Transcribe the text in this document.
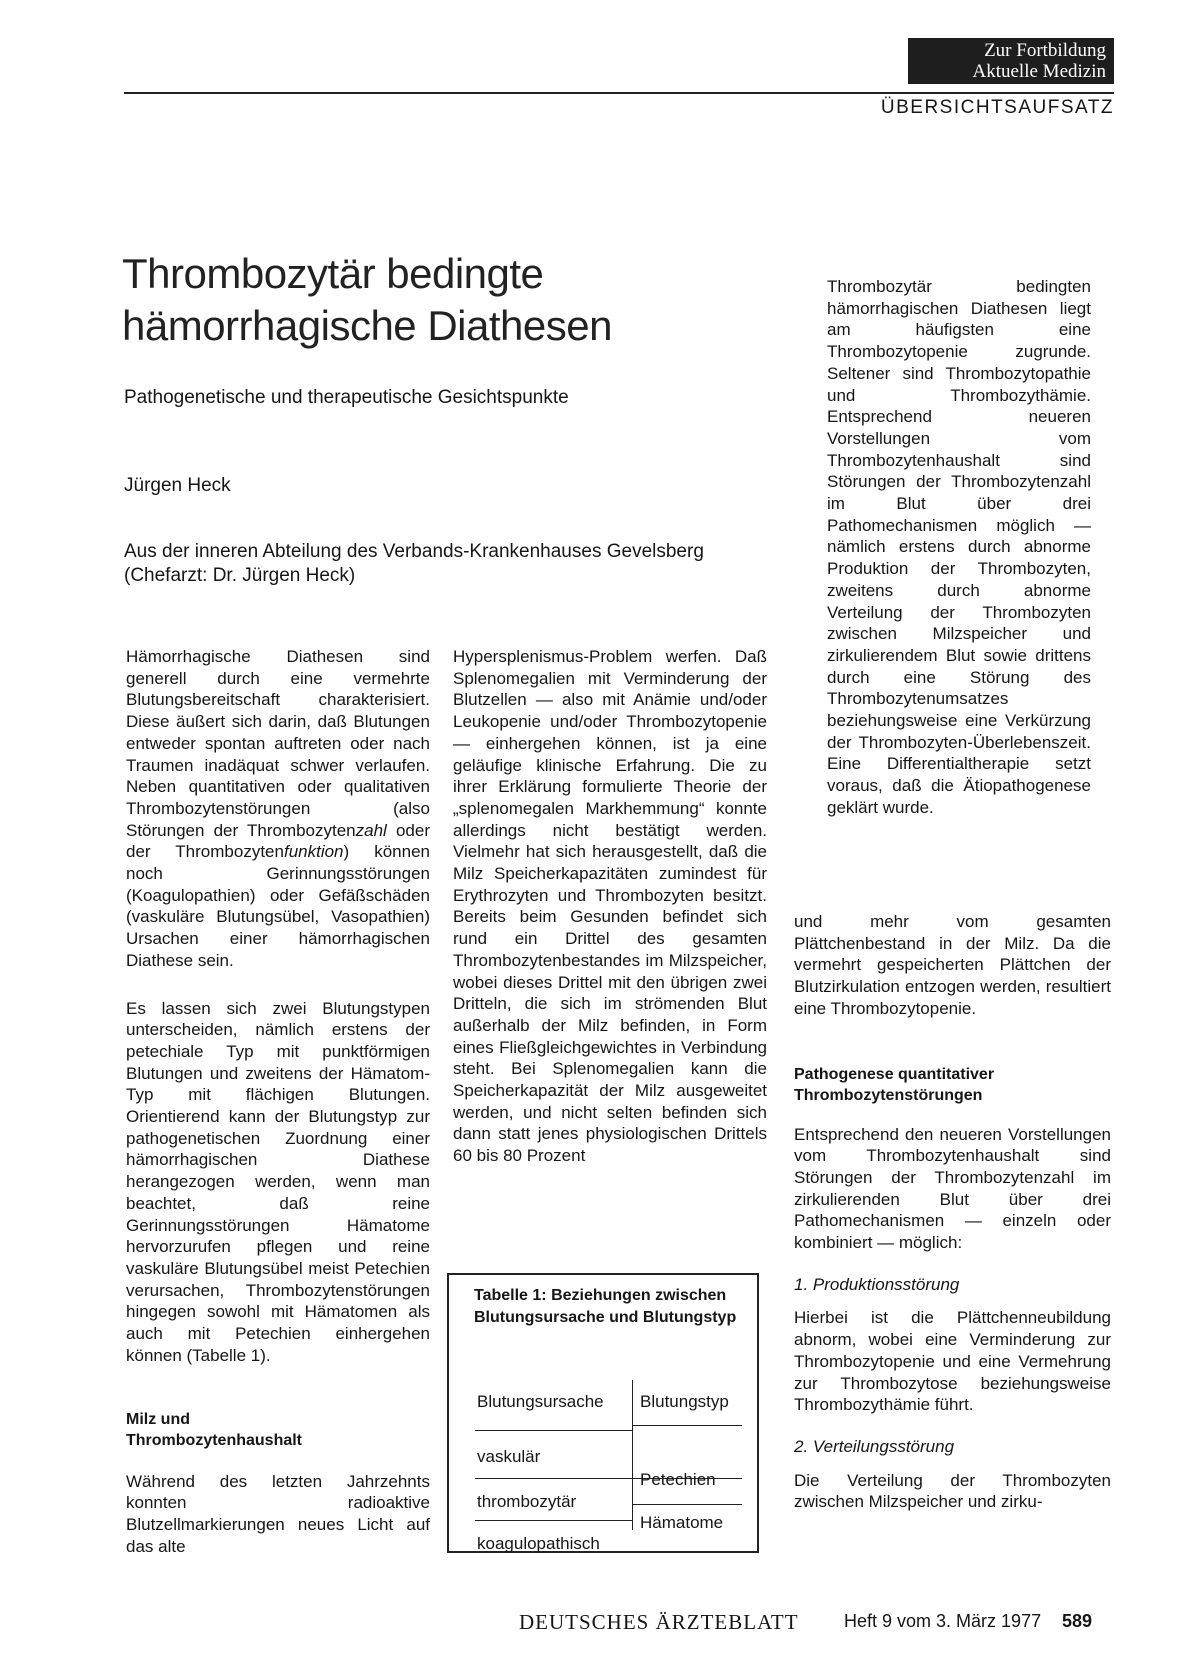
Zur Fortbildung
Aktuelle Medizin
ÜBERSICHTSAUFSATZ
Thrombozytär bedingte
hämorrhagische Diathesen
Pathogenetische und therapeutische Gesichtspunkte
Jürgen Heck
Aus der inneren Abteilung des Verbands-Krankenhauses Gevelsberg
(Chefarzt: Dr. Jürgen Heck)

Hämorrhagische Diathesen sind generell durch eine vermehrte Blutungsbereitschaft charakterisiert. Diese äußert sich darin, daß Blutungen entweder spontan auftreten oder nach Traumen inadäquat schwer verlaufen. Neben quantitativen oder qualitativen Thrombozytenstörungen (also Störungen der Thrombozytenzahl oder der Thrombozytenfunktion) können noch Gerinnungsstörungen (Koagulopathien) oder Gefäßschäden (vaskuläre Blutungsübel, Vasopathien) Ursachen einer hämorrhagischen Diathese sein.

Es lassen sich zwei Blutungstypen unterscheiden, nämlich erstens der petechiale Typ mit punktförmigen Blutungen und zweitens der Hämatom-Typ mit flächigen Blutungen. Orientierend kann der Blutungstyp zur pathogenetischen Zuordnung einer hämorrhagischen Diathese herangezogen werden, wenn man beachtet, daß reine Gerinnungsstörungen Hämatome hervorzurufen pflegen und reine vaskuläre Blutungsübel meist Petechien verursachen, Thrombozytenstörungen hingegen sowohl mit Hämatomen als auch mit Petechien einhergehen können (Tabelle 1).

Milz und
Thrombozytenhaushalt

Während des letzten Jahrzehnts konnten radioaktive Blutzellmarkierungen neues Licht auf das alte

Hypersplenismus-Problem werfen. Daß Splenomegalien mit Verminderung der Blutzellen — also mit Anämie und/oder Leukopenie und/oder Thrombozytopenie — einhergehen können, ist ja eine geläufige klinische Erfahrung. Die zu ihrer Erklärung formulierte Theorie der „splenomegalen Markhemmung“ konnte allerdings nicht bestätigt werden. Vielmehr hat sich herausgestellt, daß die Milz Speicherkapazitäten zumindest für Erythrozyten und Thrombozyten besitzt. Bereits beim Gesunden befindet sich rund ein Drittel des gesamten Thrombozytenbestandes im Milzspeicher, wobei dieses Drittel mit den übrigen zwei Dritteln, die sich im strömenden Blut außerhalb der Milz befinden, in Form eines Fließgleichgewichtes in Verbindung steht. Bei Splenomegalien kann die Speicherkapazität der Milz ausgeweitet werden, und nicht selten befinden sich dann statt jenes physiologischen Drittels 60 bis 80 Prozent

Tabelle 1: Beziehungen zwischen Blutungsursache und Blutungstyp
Blutungsursache Blutungstyp
vaskulär
Petechien
thrombozytär
Hämatome
koagulopathisch

Thrombozytär bedingten hämorrhagischen Diathesen liegt am häufigsten eine Thrombozytopenie zugrunde. Seltener sind Thrombozytopathie und Thrombozythämie. Entsprechend neueren Vorstellungen vom Thrombozytenhaushalt sind Störungen der Thrombozytenzahl im Blut über drei Pathomechanismen möglich — nämlich erstens durch abnorme Produktion der Thrombozyten, zweitens durch abnorme Verteilung der Thrombozyten zwischen Milzspeicher und zirkulierendem Blut sowie drittens durch eine Störung des Thrombozytenumsatzes beziehungsweise eine Verkürzung der Thrombozyten-Überlebenszeit. Eine Differentialtherapie setzt voraus, daß die Ätiopathogenese geklärt wurde.

und mehr vom gesamten Plättchenbestand in der Milz. Da die vermehrt gespeicherten Plättchen der Blutzirkulation entzogen werden, resultiert eine Thrombozytopenie.

Pathogenese quantitativer
Thrombozytenstörungen

Entsprechend den neueren Vorstellungen vom Thrombozytenhaushalt sind Störungen der Thrombozytenzahl im zirkulierenden Blut über drei Pathomechanismen — einzeln oder kombiniert — möglich:

1. Produktionsstörung

Hierbei ist die Plättchenneubildung abnorm, wobei eine Verminderung zur Thrombozytopenie und eine Vermehrung zur Thrombozytose beziehungsweise Thrombozythämie führt.

2. Verteilungsstörung

Die Verteilung der Thrombozyten zwischen Milzspeicher und zirku-

DEUTSCHES ÄRZTEBLATT	Heft 9 vom 3. März 1977 589
